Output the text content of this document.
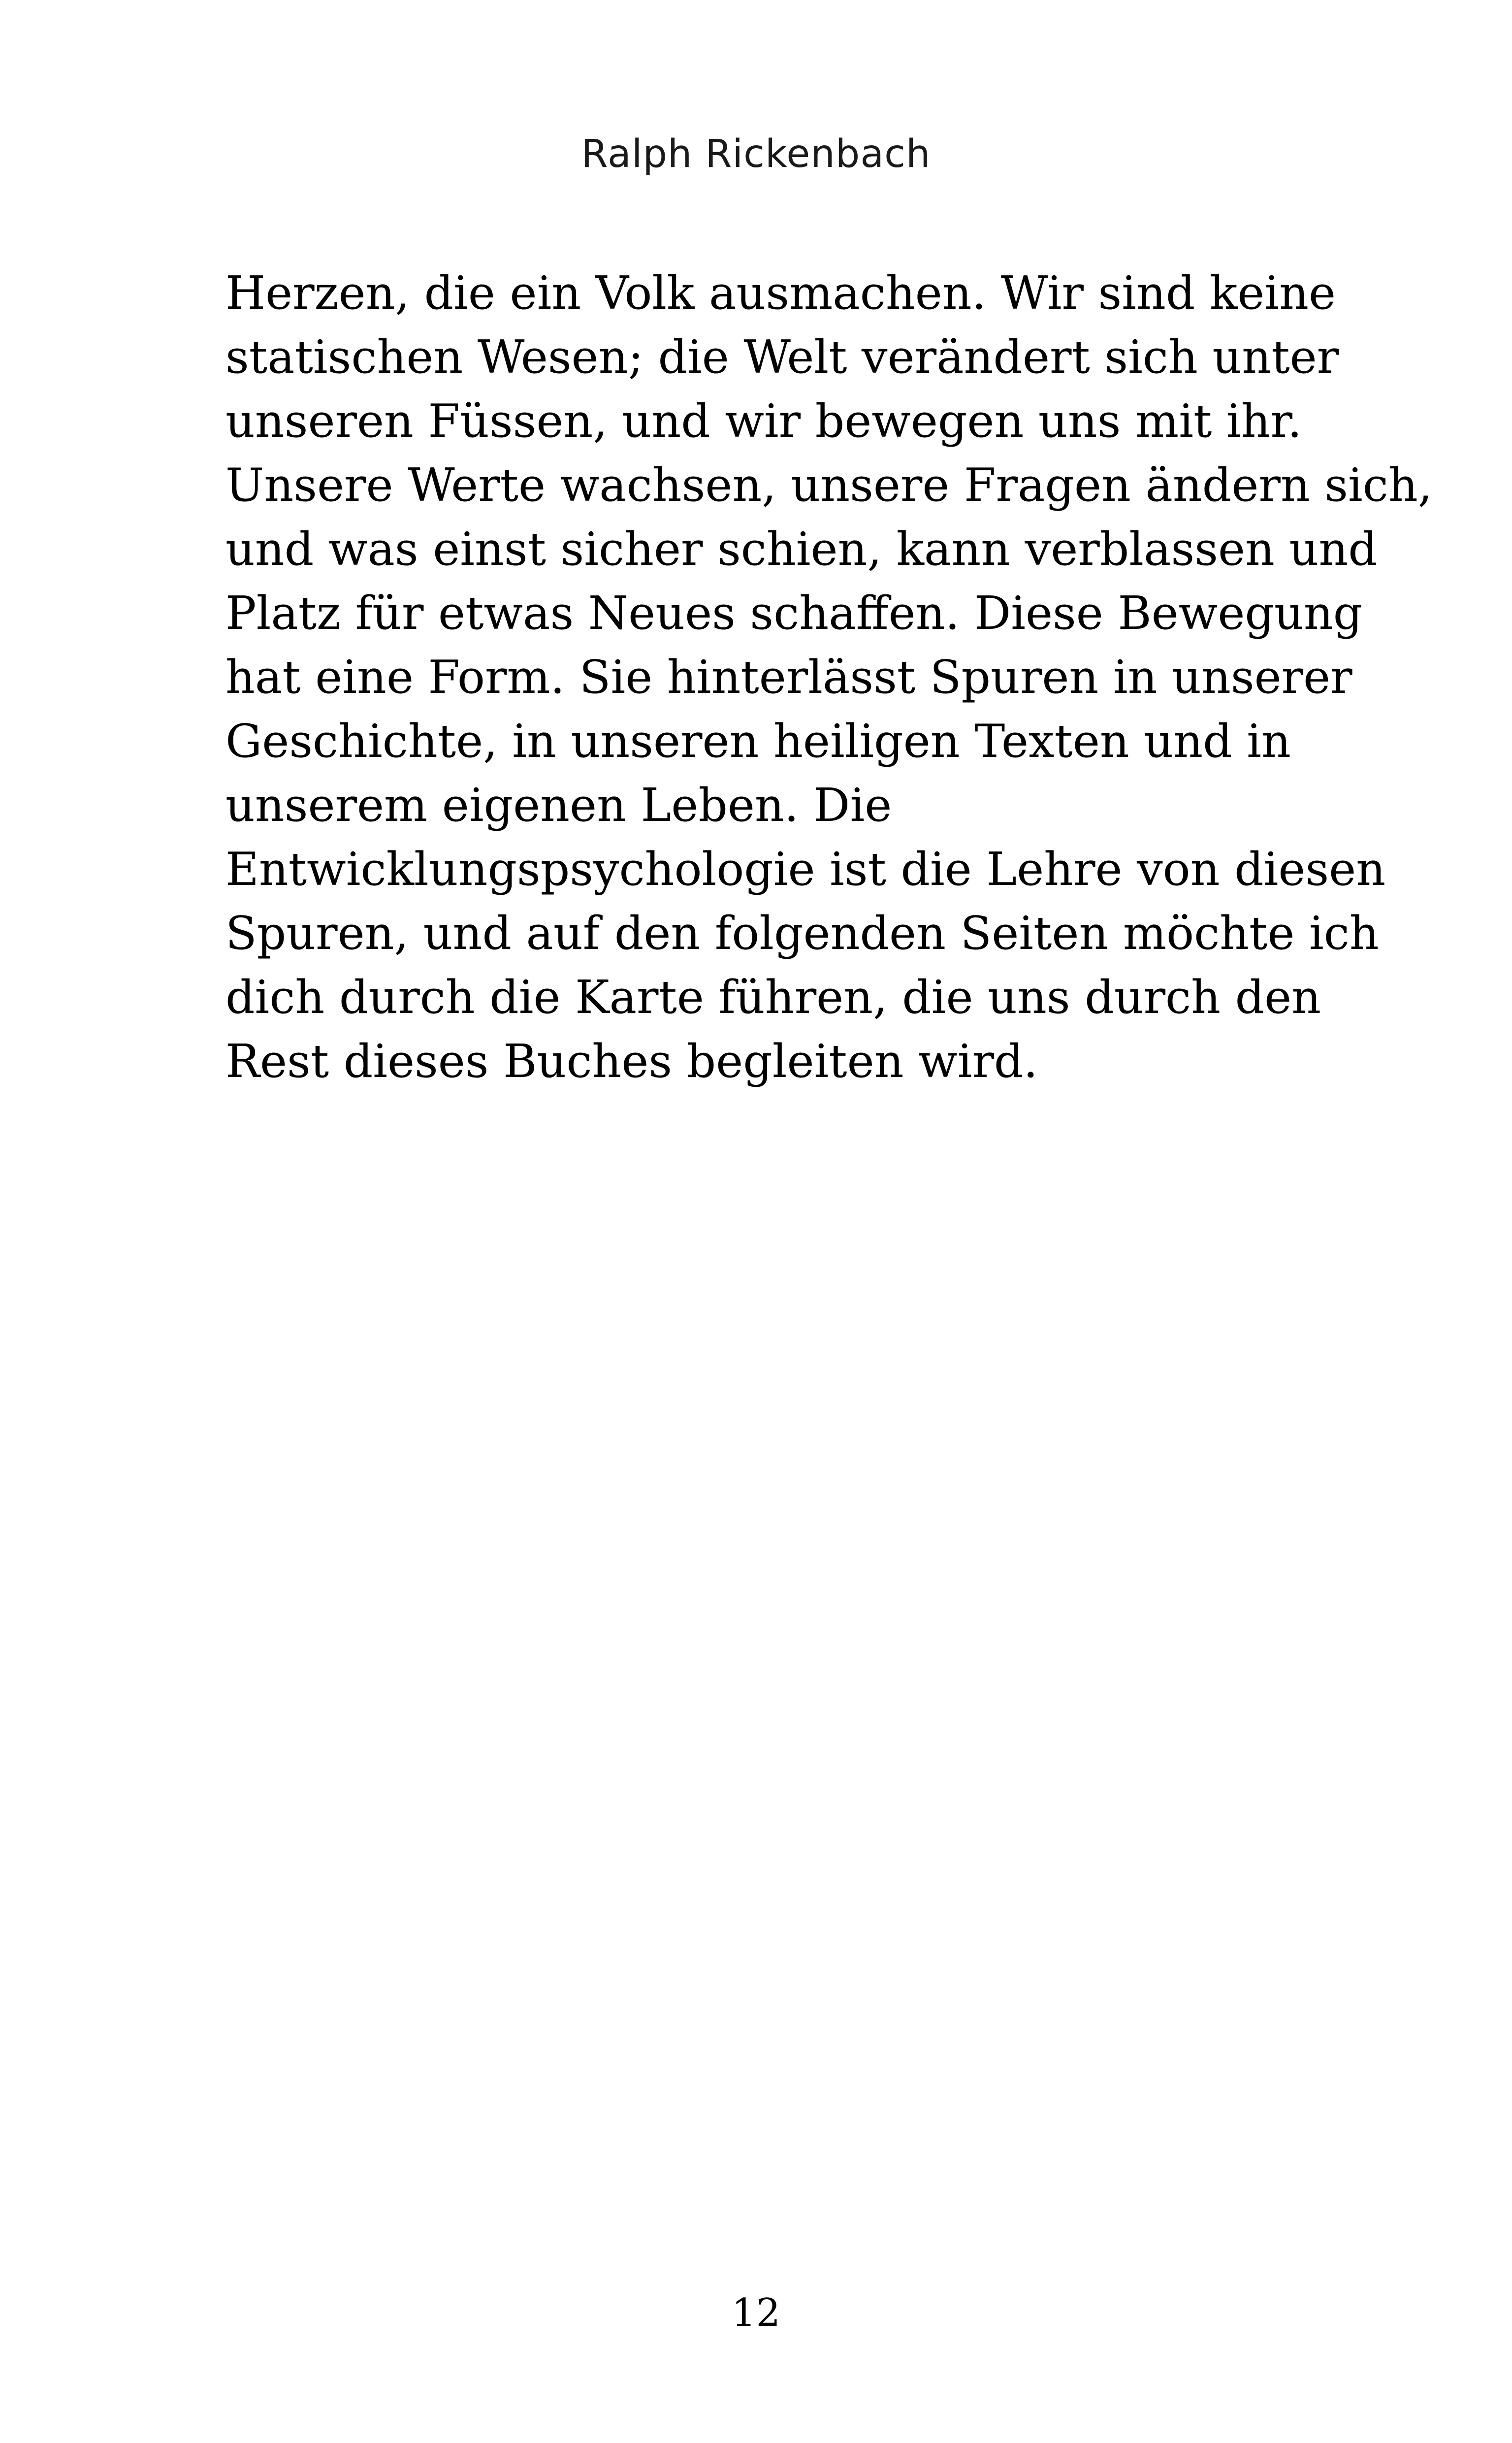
Ralph Rickenbach

Herzen, die ein Volk ausmachen. Wir sind keine
statischen Wesen; die Welt verändert sich unter
unseren Füssen, und wir bewegen uns mit ihr.
Unsere Werte wachsen, unsere Fragen ändern sich,
und was einst sicher schien, kann verblassen und
Platz für etwas Neues schaffen. Diese Bewegung
hat eine Form. Sie hinterlässt Spuren in unserer
Geschichte, in unseren heiligen Texten und in
unserem eigenen Leben. Die
Entwicklungspsychologie ist die Lehre von diesen
Spuren, und auf den folgenden Seiten möchte ich
dich durch die Karte führen, die uns durch den
Rest dieses Buches begleiten wird.

12
